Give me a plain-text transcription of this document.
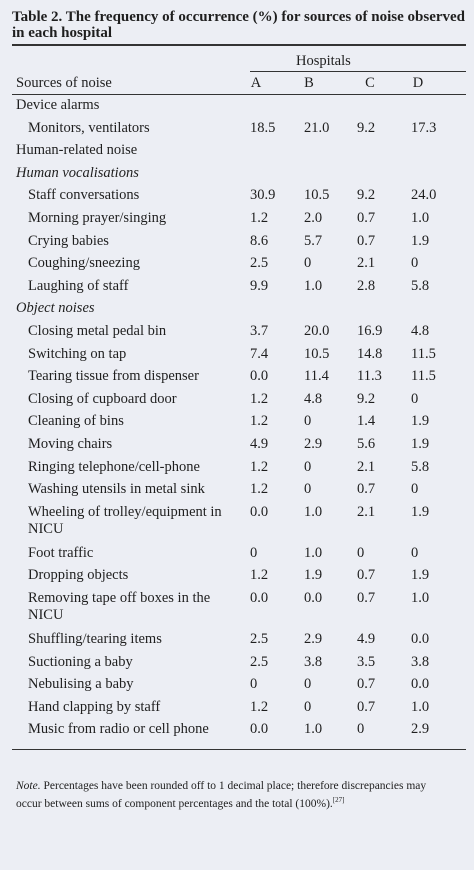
Table 2. The frequency of occurrence (%) for sources of noise observed in each hospital
Hospitals
Sources of noise	A	B	C	D
Device alarms
Monitors, ventilators	18.5 21.0 9.2 17.3
Human-related noise
Human vocalisations
Staff conversations	30.9 10.5 9.2 24.0
Morning prayer/singing	1.2 2.0 0.7 1.0
Crying babies	8.6 5.7 0.7 1.9
Coughing/sneezing	2.5 0	2.1 0
Laughing of staff	9.9 1.0 2.8 5.8
Object noises
Closing metal pedal bin	3.7 20.0 16.9 4.8
Switching on tap	7.4 10.5 14.8 11.5
Tearing tissue from dispenser	0.0 11.4 11.3 11.5
Closing of cupboard door	1.2 4.8 9.2 0
Cleaning of bins	1.2 0	1.4 1.9
Moving chairs	4.9 2.9 5.6 1.9
Ringing telephone/cell-phone	1.2 0	2.1 5.8
Washing utensils in metal sink	1.2 0	0.7 0
Wheeling of trolley/equipment in NICU
0.0 1.0 2.1 1.9
Foot traffic	0	1.0 0	0
Dropping objects	1.2 1.9 0.7 1.9
Removing tape off boxes in the NICU
0.0 0.0 0.7 1.0
Shuffling/tearing items	2.5 2.9 4.9 0.0
Suctioning a baby	2.5 3.8 3.5 3.8
Nebulising a baby	0	0	0.7 0.0
Hand clapping by staff	1.2 0	0.7 1.0
Music from radio or cell phone	0.0 1.0 0	2.9
Note. Percentages have been rounded off to 1 decimal place; therefore discrepancies may occur between sums of component percentages and the total (100%).[27]
